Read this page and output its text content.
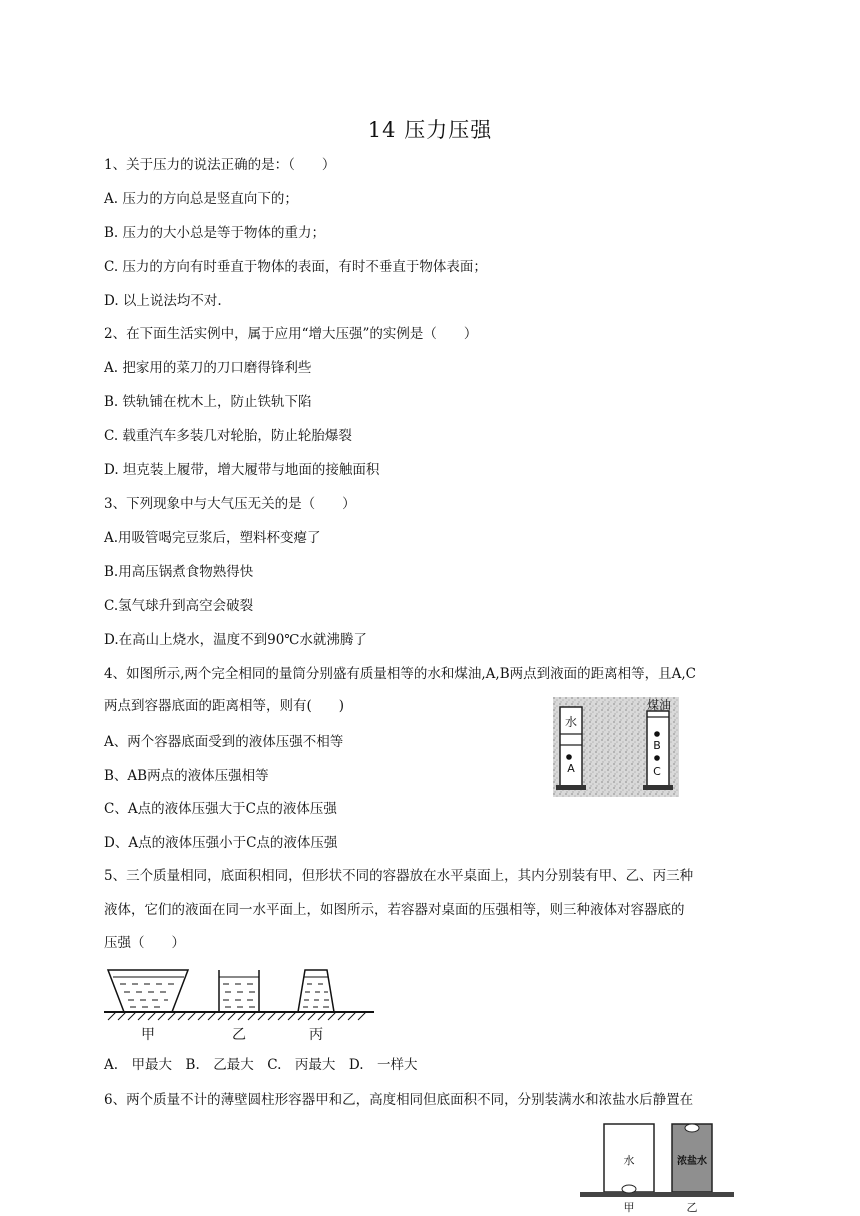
14 压力压强
1、关于压力的说法正确的是：（　　）
A. 压力的方向总是竖直向下的；
B. 压力的大小总是等于物体的重力；
C. 压力的方向有时垂直于物体的表面，有时不垂直于物体表面；
D. 以上说法均不对.
2、在下面生活实例中，属于应用“增大压强”的实例是（　　）
A. 把家用的菜刀的刀口磨得锋利些
B. 铁轨铺在枕木上，防止铁轨下陷
C. 载重汽车多装几对轮胎，防止轮胎爆裂
D. 坦克装上履带，增大履带与地面的接触面积
3、下列现象中与大气压无关的是（　　）
A.用吸管喝完豆浆后，塑料杯变瘪了
B.用高压锅煮食物熟得快
C.氢气球升到高空会破裂
D.在高山上烧水，温度不到90℃水就沸腾了
4、如图所示,两个完全相同的量筒分别盛有质量相等的水和煤油,A,B两点到液面的距离相等，且A,C
两点到容器底面的距离相等，则有(　　)
A、两个容器底面受到的液体压强不相等
B、AB两点的液体压强相等
C、A点的液体压强大于C点的液体压强
D、A点的液体压强小于C点的液体压强
水
A
煤油
B
C
5、三个质量相同，底面积相同，但形状不同的容器放在水平桌面上，其内分别装有甲、乙、丙三种
液体，它们的液面在同一水平面上，如图所示，若容器对桌面的压强相等，则三种液体对容器底的
压强（　　）
甲	乙	丙
A.　甲最大　B.　乙最大　C.　丙最大　D.　一样大
6、两个质量不计的薄壁圆柱形容器甲和乙，高度相同但底面积不同，分别装满水和浓盐水后静置在
水	浓盐水
甲	乙
